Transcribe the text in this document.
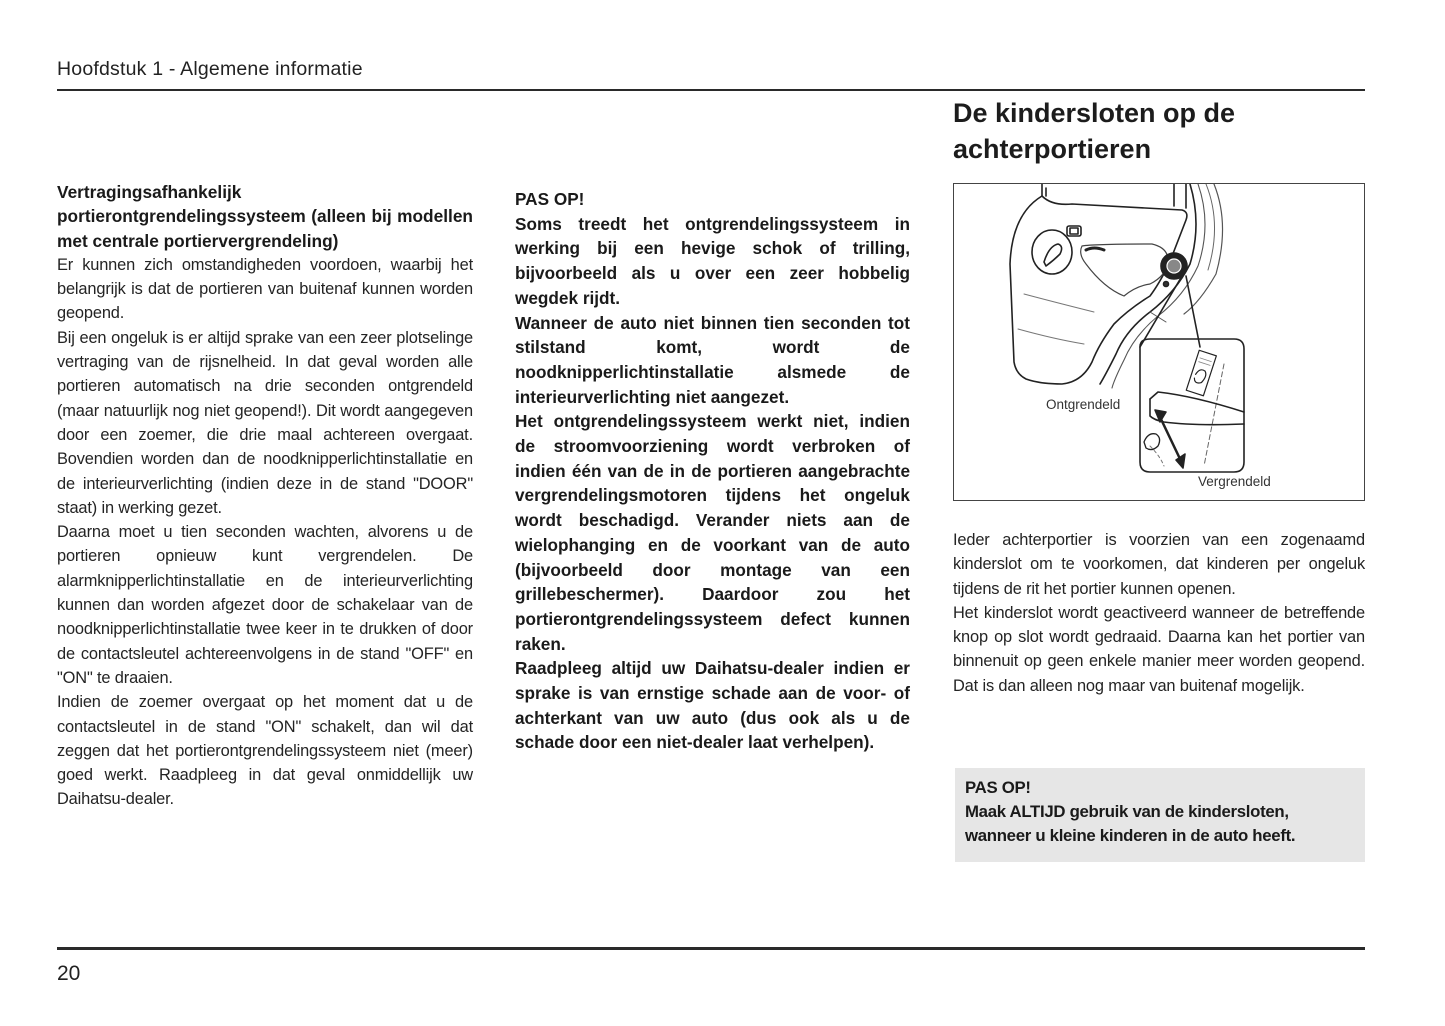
Hoofdstuk 1 - Algemene informatie
Vertragingsafhankelijk portierontgrendelingssysteem (alleen bij modellen met centrale portiervergrendeling)

Er kunnen zich omstandigheden voordoen, waarbij het belangrijk is dat de portieren van buitenaf kunnen worden geopend.

Bij een ongeluk is er altijd sprake van een zeer plotselinge vertraging van de rijsnelheid. In dat geval worden alle portieren automatisch na drie seconden ontgrendeld (maar natuurlijk nog niet geopend!). Dit wordt aangegeven door een zoemer, die drie maal achtereen overgaat. Bovendien worden dan de noodknipperlichtinstallatie en de interieurverlichting (indien deze in de stand "DOOR" staat) in werking gezet.

Daarna moet u tien seconden wachten, alvorens u de portieren opnieuw kunt vergrendelen. De alarmknipperlichtinstallatie en de interieurverlichting kunnen dan worden afgezet door de schakelaar van de noodknipperlichtinstallatie twee keer in te drukken of door de contactsleutel achtereenvolgens in de stand "OFF" en "ON" te draaien.

Indien de zoemer overgaat op het moment dat u de contactsleutel in de stand "ON" schakelt, dan wil dat zeggen dat het portierontgrendelingssysteem niet (meer) goed werkt. Raadpleeg in dat geval onmiddellijk uw Daihatsu-dealer.

PAS OP!

Soms treedt het ontgrendelingssysteem in werking bij een hevige schok of trilling, bijvoorbeeld als u over een zeer hobbelig wegdek rijdt.

Wanneer de auto niet binnen tien seconden tot stilstand komt, wordt de noodknipperlichtinstallatie alsmede de interieurverlichting niet aangezet.

Het ontgrendelingssysteem werkt niet, indien de stroomvoorziening wordt verbroken of indien één van de in de portieren aangebrachte vergrendelingsmotoren tijdens het ongeluk wordt beschadigd. Verander niets aan de wielophanging en de voorkant van de auto (bijvoorbeeld door montage van een grillebeschermer). Daardoor zou het portierontgrendelingssysteem defect kunnen raken.

Raadpleeg altijd uw Daihatsu-dealer indien er sprake is van ernstige schade aan de voor- of achterkant van uw auto (dus ook als u de schade door een niet-dealer laat verhelpen).

De kindersloten op de achterportieren
Ontgrendeld
Vergrendeld

Ieder achterportier is voorzien van een zogenaamd kinderslot om te voorkomen, dat kinderen per ongeluk tijdens de rit het portier kunnen openen.

Het kinderslot wordt geactiveerd wanneer de betreffende knop op slot wordt gedraaid. Daarna kan het portier van binnenuit op geen enkele manier meer worden geopend. Dat is dan alleen nog maar van buitenaf mogelijk.

PAS OP!

Maak ALTIJD gebruik van de kindersloten, wanneer u kleine kinderen in de auto heeft.

20
